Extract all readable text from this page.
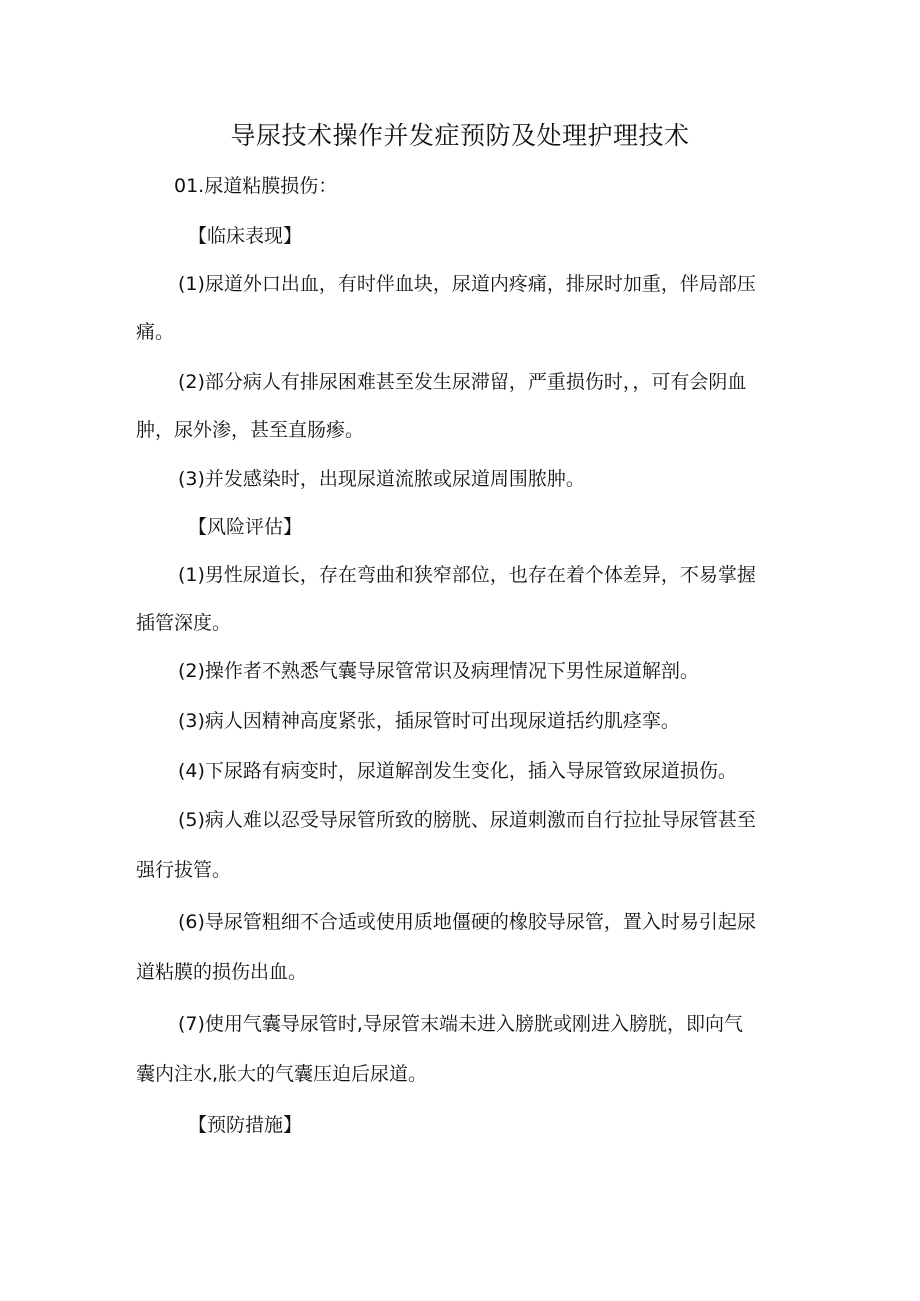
导尿技术操作并发症预防及处理护理技术
01.尿道粘膜损伤：
【临床表现】
(1)尿道外口出血，有时伴血块，尿道内疼痛，排尿时加重，伴局部压
痛。
(2)部分病人有排尿困难甚至发生尿滞留，严重损伤时，，可有会阴血
肿，尿外渗，甚至直肠瘆。
(3)并发感染时，出现尿道流脓或尿道周围脓肿。
【风险评估】
(1)男性尿道长，存在弯曲和狭窄部位，也存在着个体差异，不易掌握
插管深度。
(2)操作者不熟悉气囊导尿管常识及病理情况下男性尿道解剖。
(3)病人因精神高度紧张，插尿管时可出现尿道括约肌痉挛。
(4)下尿路有病变时，尿道解剖发生变化，插入导尿管致尿道损伤。
(5)病人难以忍受导尿管所致的膀胱、尿道刺激而自行拉扯导尿管甚至
强行拔管。
(6)导尿管粗细不合适或使用质地僵硬的橡胶导尿管，置入时易引起尿
道粘膜的损伤出血。
(7)使用气囊导尿管时,导尿管末端未进入膀胱或刚进入膀胱，即向气
囊内注水,胀大的气囊压迫后尿道。
【预防措施】
